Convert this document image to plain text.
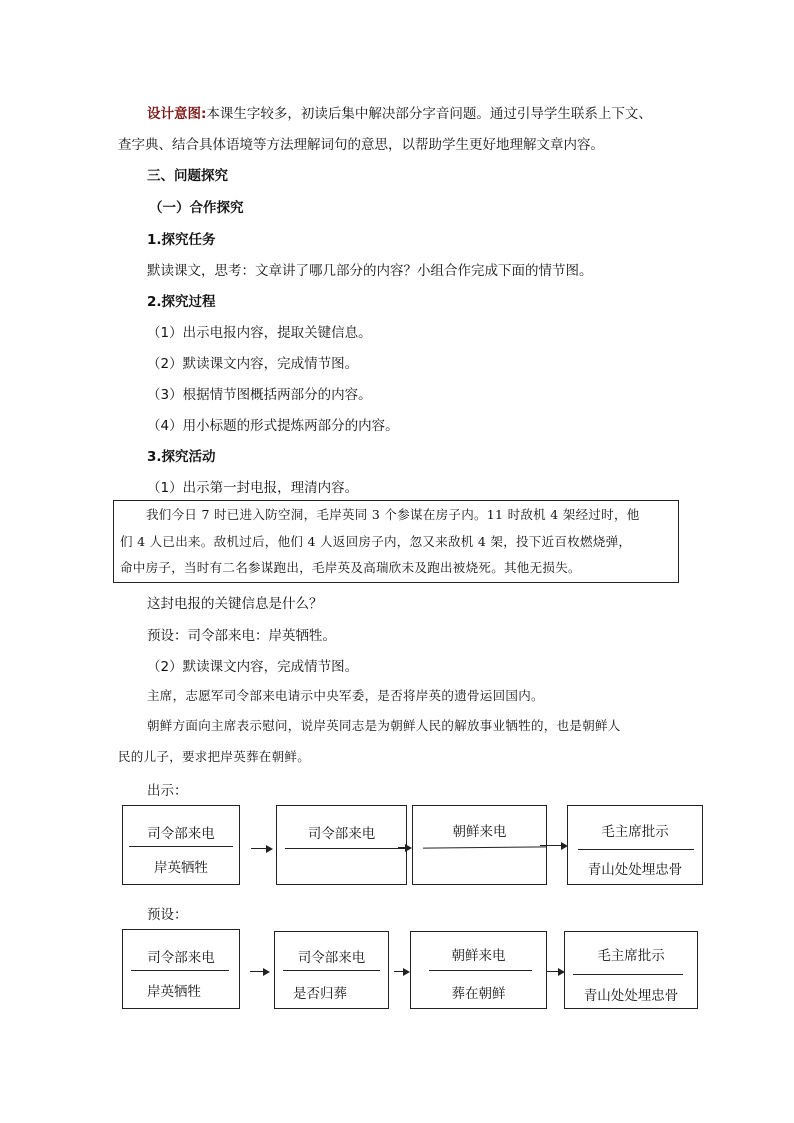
设计意图:本课生字较多，初读后集中解决部分字音问题。通过引导学生联系上下文、
查字典、结合具体语境等方法理解词句的意思，以帮助学生更好地理解文章内容。
三、问题探究
（一）合作探究
1.探究任务
默读课文，思考：文章讲了哪几部分的内容？小组合作完成下面的情节图。
2.探究过程
（1）出示电报内容，提取关键信息。
（2）默读课文内容，完成情节图。
（3）根据情节图概括两部分的内容。
（4）用小标题的形式提炼两部分的内容。
3.探究活动
（1）出示第一封电报，理清内容。
我们今日 7 时已进入防空洞，毛岸英同 3 个参谋在房子内。11 时敌机 4 架经过时，他
们 4 人已出来。敌机过后，他们 4 人返回房子内，忽又来敌机 4 架，投下近百枚燃烧弹，
命中房子，当时有二名参谋跑出，毛岸英及高瑞欣未及跑出被烧死。其他无损失。
这封电报的关键信息是什么？
预设：司令部来电：岸英牺牲。
（2）默读课文内容，完成情节图。
主席，志愿军司令部来电请示中央军委，是否将岸英的遗骨运回国内。
朝鲜方面向主席表示慰问，说岸英同志是为朝鲜人民的解放事业牺牲的，也是朝鲜人
民的儿子，要求把岸英葬在朝鲜。
出示：
司令部来电
岸英牺牲
司令部来电	朝鲜来电	毛主席批示
青山处处埋忠骨
预设：
司令部来电
岸英牺牲
司令部来电
是否归葬
朝鲜来电
葬在朝鲜
毛主席批示
青山处处埋忠骨
